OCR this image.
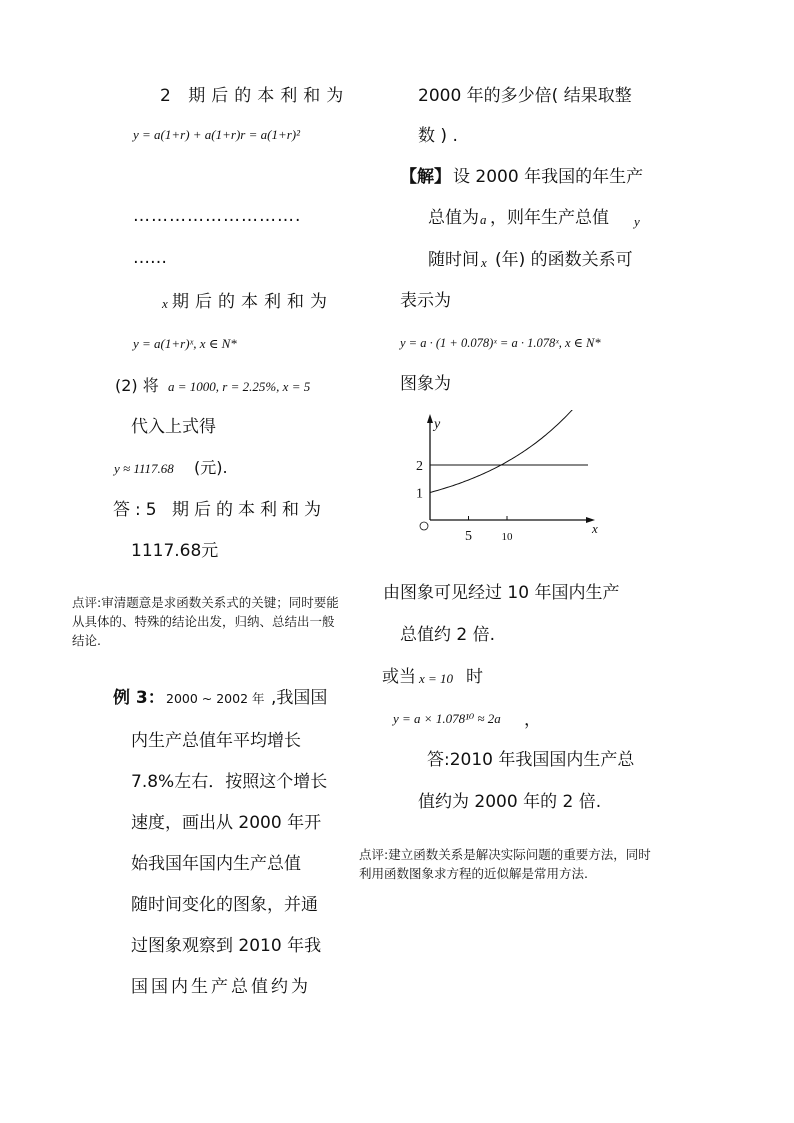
2 期后的本利和为
y = a(1+r) + a(1+r)r = a(1+r)²
……………………….
……
x 期后的本利和为
y = a(1+r)ˣ, x ∈ N*
(2) 将 a = 1000, r = 2.25%, x = 5
代入上式得
y ≈ 1117.68 (元).
答:5 期后的本利和为
1117.68元
点评:审清题意是求函数关系式的关键；同时要能从具体的、特殊的结论出发，归纳、总结出一般结论.
例 3： 2000 ~ 2002 年 ,我国国
内生产总值年平均增长
7.8%左右．按照这个增长
速度，画出从 2000 年开
始我国年国内生产总值
随时间变化的图象，并通
过图象观察到 2010 年我
国国内生产总值约为
2000 年的多少倍( 结果取整
数 ) .
【解】 设 2000 年我国的年生产
总值为 a ，则年生产总值 y
随时间 x (年) 的函数关系可
表示为
y = a · (1 + 0.078)ˣ = a · 1.078ˣ, x ∈ N*
图象为
y
x
5	10
1
2
由图象可见经过 10 年国内生产
总值约 2 倍.
或当 x = 10 时
y = a × 1.078¹⁰ ≈ 2a ，
答:2010 年我国国内生产总
值约为 2000 年的 2 倍.
点评:建立函数关系是解决实际问题的重要方法，同时利用函数图象求方程的近似解是常用方法.
